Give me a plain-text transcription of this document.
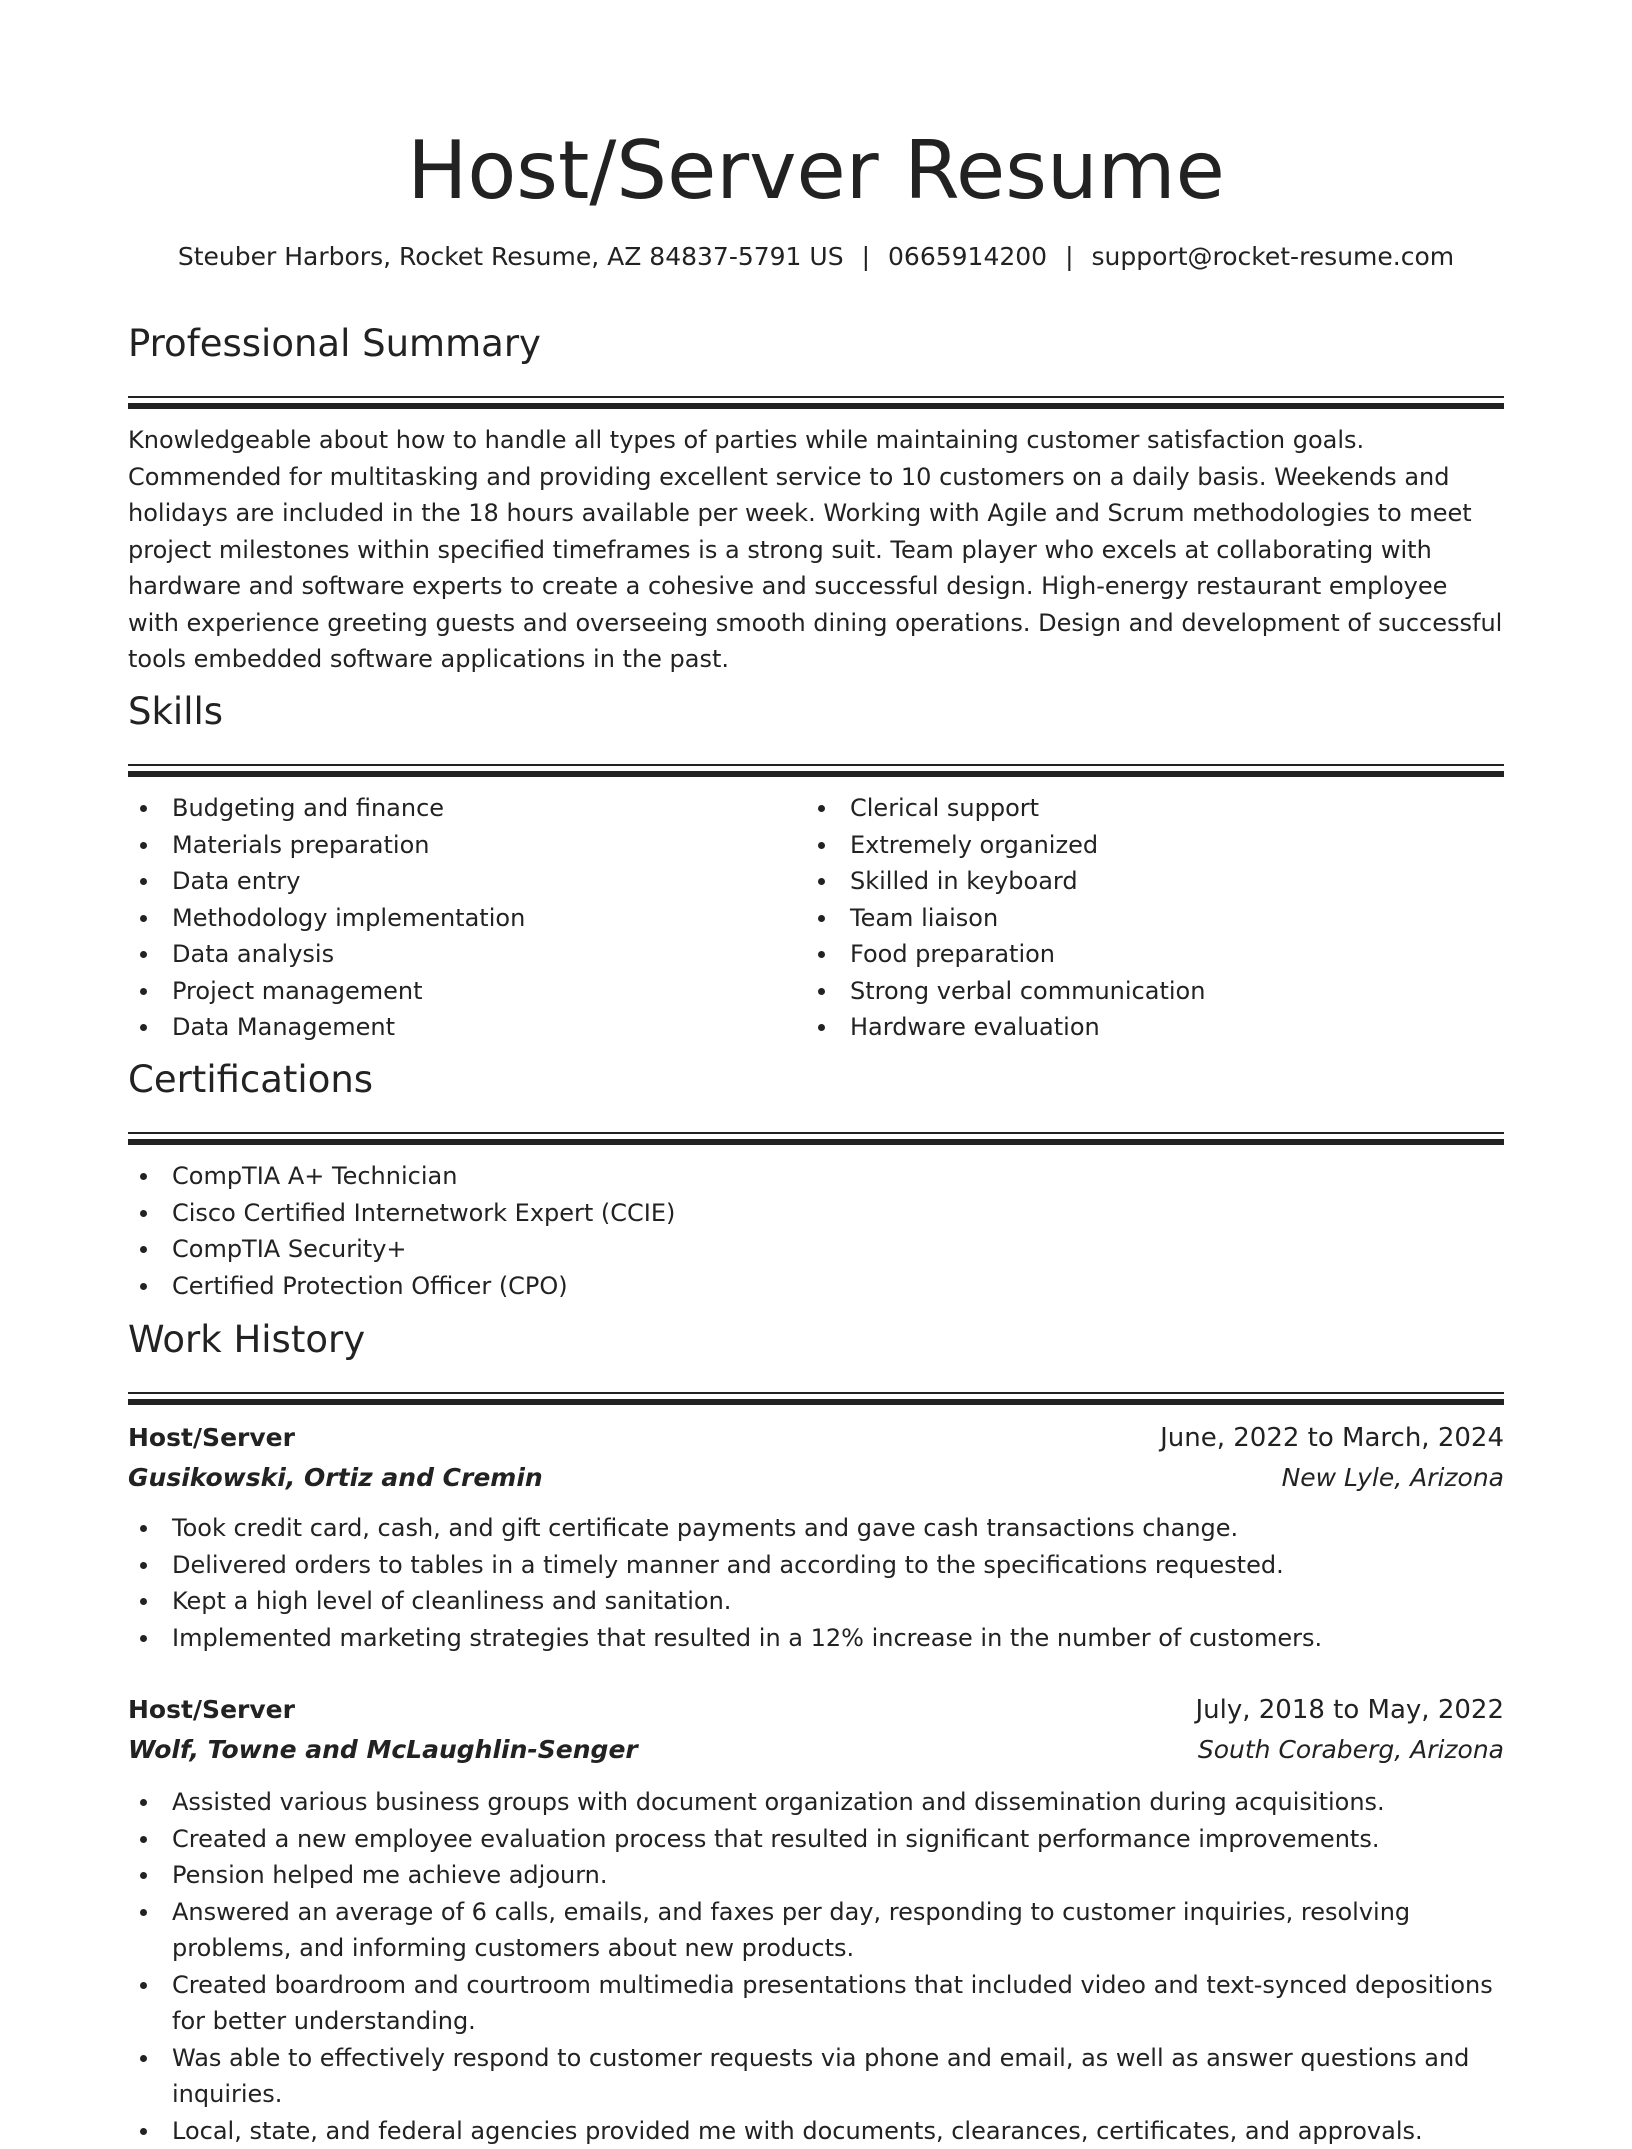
Host/Server Resume
Steuber Harbors, Rocket Resume, AZ 84837-5791 US | 0665914200 | support@rocket-resume.com
Professional Summary

Knowledgeable about how to handle all types of parties while maintaining customer satisfaction goals. Commended for multitasking and providing excellent service to 10 customers on a daily basis. Weekends and holidays are included in the 18 hours available per week. Working with Agile and Scrum methodologies to meet project milestones within specified timeframes is a strong suit. Team player who excels at collaborating with hardware and software experts to create a cohesive and successful design. High-energy restaurant employee with experience greeting guests and overseeing smooth dining operations. Design and development of successful tools embedded software applications in the past.

Skills
Budgeting and finance
Materials preparation
Data entry
Methodology implementation
Data analysis
Project management
Data Management
Clerical support
Extremely organized
Skilled in keyboard
Team liaison
Food preparation
Strong verbal communication
Hardware evaluation
Certifications
CompTIA A+ Technician
Cisco Certified Internetwork Expert (CCIE)
CompTIA Security+
Certified Protection Officer (CPO)
Work History
Host/Server	June, 2022 to March, 2024
Gusikowski, Ortiz and Cremin	New Lyle, Arizona
Took credit card, cash, and gift certificate payments and gave cash transactions change.
Delivered orders to tables in a timely manner and according to the specifications requested.
Kept a high level of cleanliness and sanitation.
Implemented marketing strategies that resulted in a 12% increase in the number of customers.
Host/Server	July, 2018 to May, 2022
Wolf, Towne and McLaughlin-Senger	South Coraberg, Arizona
Assisted various business groups with document organization and dissemination during acquisitions.
Created a new employee evaluation process that resulted in significant performance improvements.
Pension helped me achieve adjourn.
Answered an average of 6 calls, emails, and faxes per day, responding to customer inquiries, resolving problems, and informing customers about new products.
Created boardroom and courtroom multimedia presentations that included video and text-synced depositions for better understanding.
Was able to effectively respond to customer requests via phone and email, as well as answer questions and inquiries.
Local, state, and federal agencies provided me with documents, clearances, certificates, and approvals.
